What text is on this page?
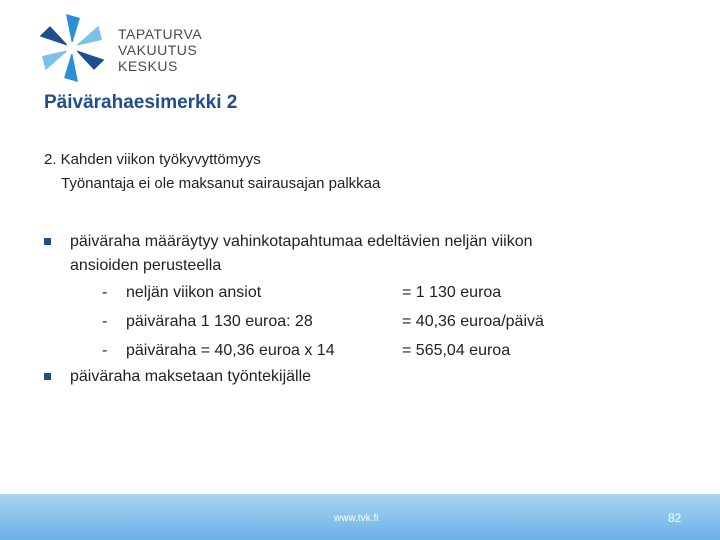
TAPATURVA
VAKUUTUS
KESKUS
Päivärahaesimerkki 2
2. Kahden viikon työkyvyttömyys
Työnantaja ei ole maksanut sairausajan palkkaa
päiväraha määräytyy vahinkotapahtumaa edeltävien neljän viikon
ansioiden perusteella
- neljän viikon ansiot	= 1 130 euroa
- päiväraha 1 130 euroa: 28	= 40,36 euroa/päivä
- päiväraha = 40,36 euroa x 14	= 565,04 euroa
päiväraha maksetaan työntekijälle
www.tvk.fi	82
